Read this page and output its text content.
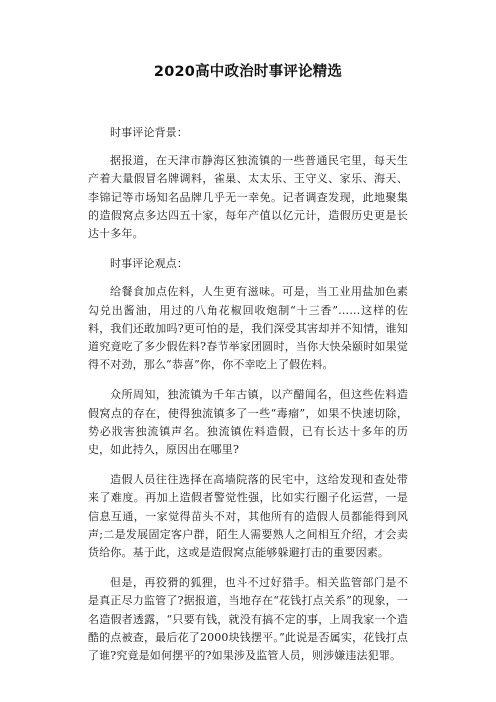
2020高中政治时事评论精选

时事评论背景：

据报道，在天津市静海区独流镇的一些普通民宅里，每天生产着大量假冒名牌调料，雀巢、太太乐、王守义、家乐、海天、李锦记等市场知名品牌几乎无一幸免。记者调查发现，此地聚集的造假窝点多达四五十家，每年产值以亿元计，造假历史更是长达十多年。

时事评论观点：

给餐食加点佐料，人生更有滋味。可是，当工业用盐加色素勾兑出酱油，用过的八角花椒回收炮制“十三香”……这样的佐料，我们还敢加吗?更可怕的是，我们深受其害却并不知情，谁知道究竟吃了多少假佐料?春节举家团圆时，当你大快朵颐时如果觉得不对劲，那么“恭喜”你，你不幸吃上了假佐料。

众所周知，独流镇为千年古镇，以产醋闻名，但这些佐料造假窝点的存在，使得独流镇多了一些“毒瘤”，如果不快速切除，势必戕害独流镇声名。独流镇佐料造假，已有长达十多年的历史，如此持久，原因出在哪里?

造假人员往往选择在高墙院落的民宅中，这给发现和查处带来了难度。再加上造假者警觉性强，比如实行圈子化运营，一是信息互通，一家觉得苗头不对，其他所有的造假人员都能得到风声;二是发展固定客户群，陌生人需要熟人之间相互介绍，才会卖货给你。基于此，这或是造假窝点能够躲避打击的重要因素。

但是，再狡猾的狐狸，也斗不过好猎手。相关监管部门是不是真正尽力监管了?据报道，当地存在“花钱打点关系”的现象，一名造假者透露，“只要有钱，就没有搞不定的事，上周我家一个造酷的点被查，最后花了2000块钱摆平。”此说是否属实，花钱打点了谁?究竟是如何摆平的?如果涉及监管人员，则涉嫌违法犯罪。
